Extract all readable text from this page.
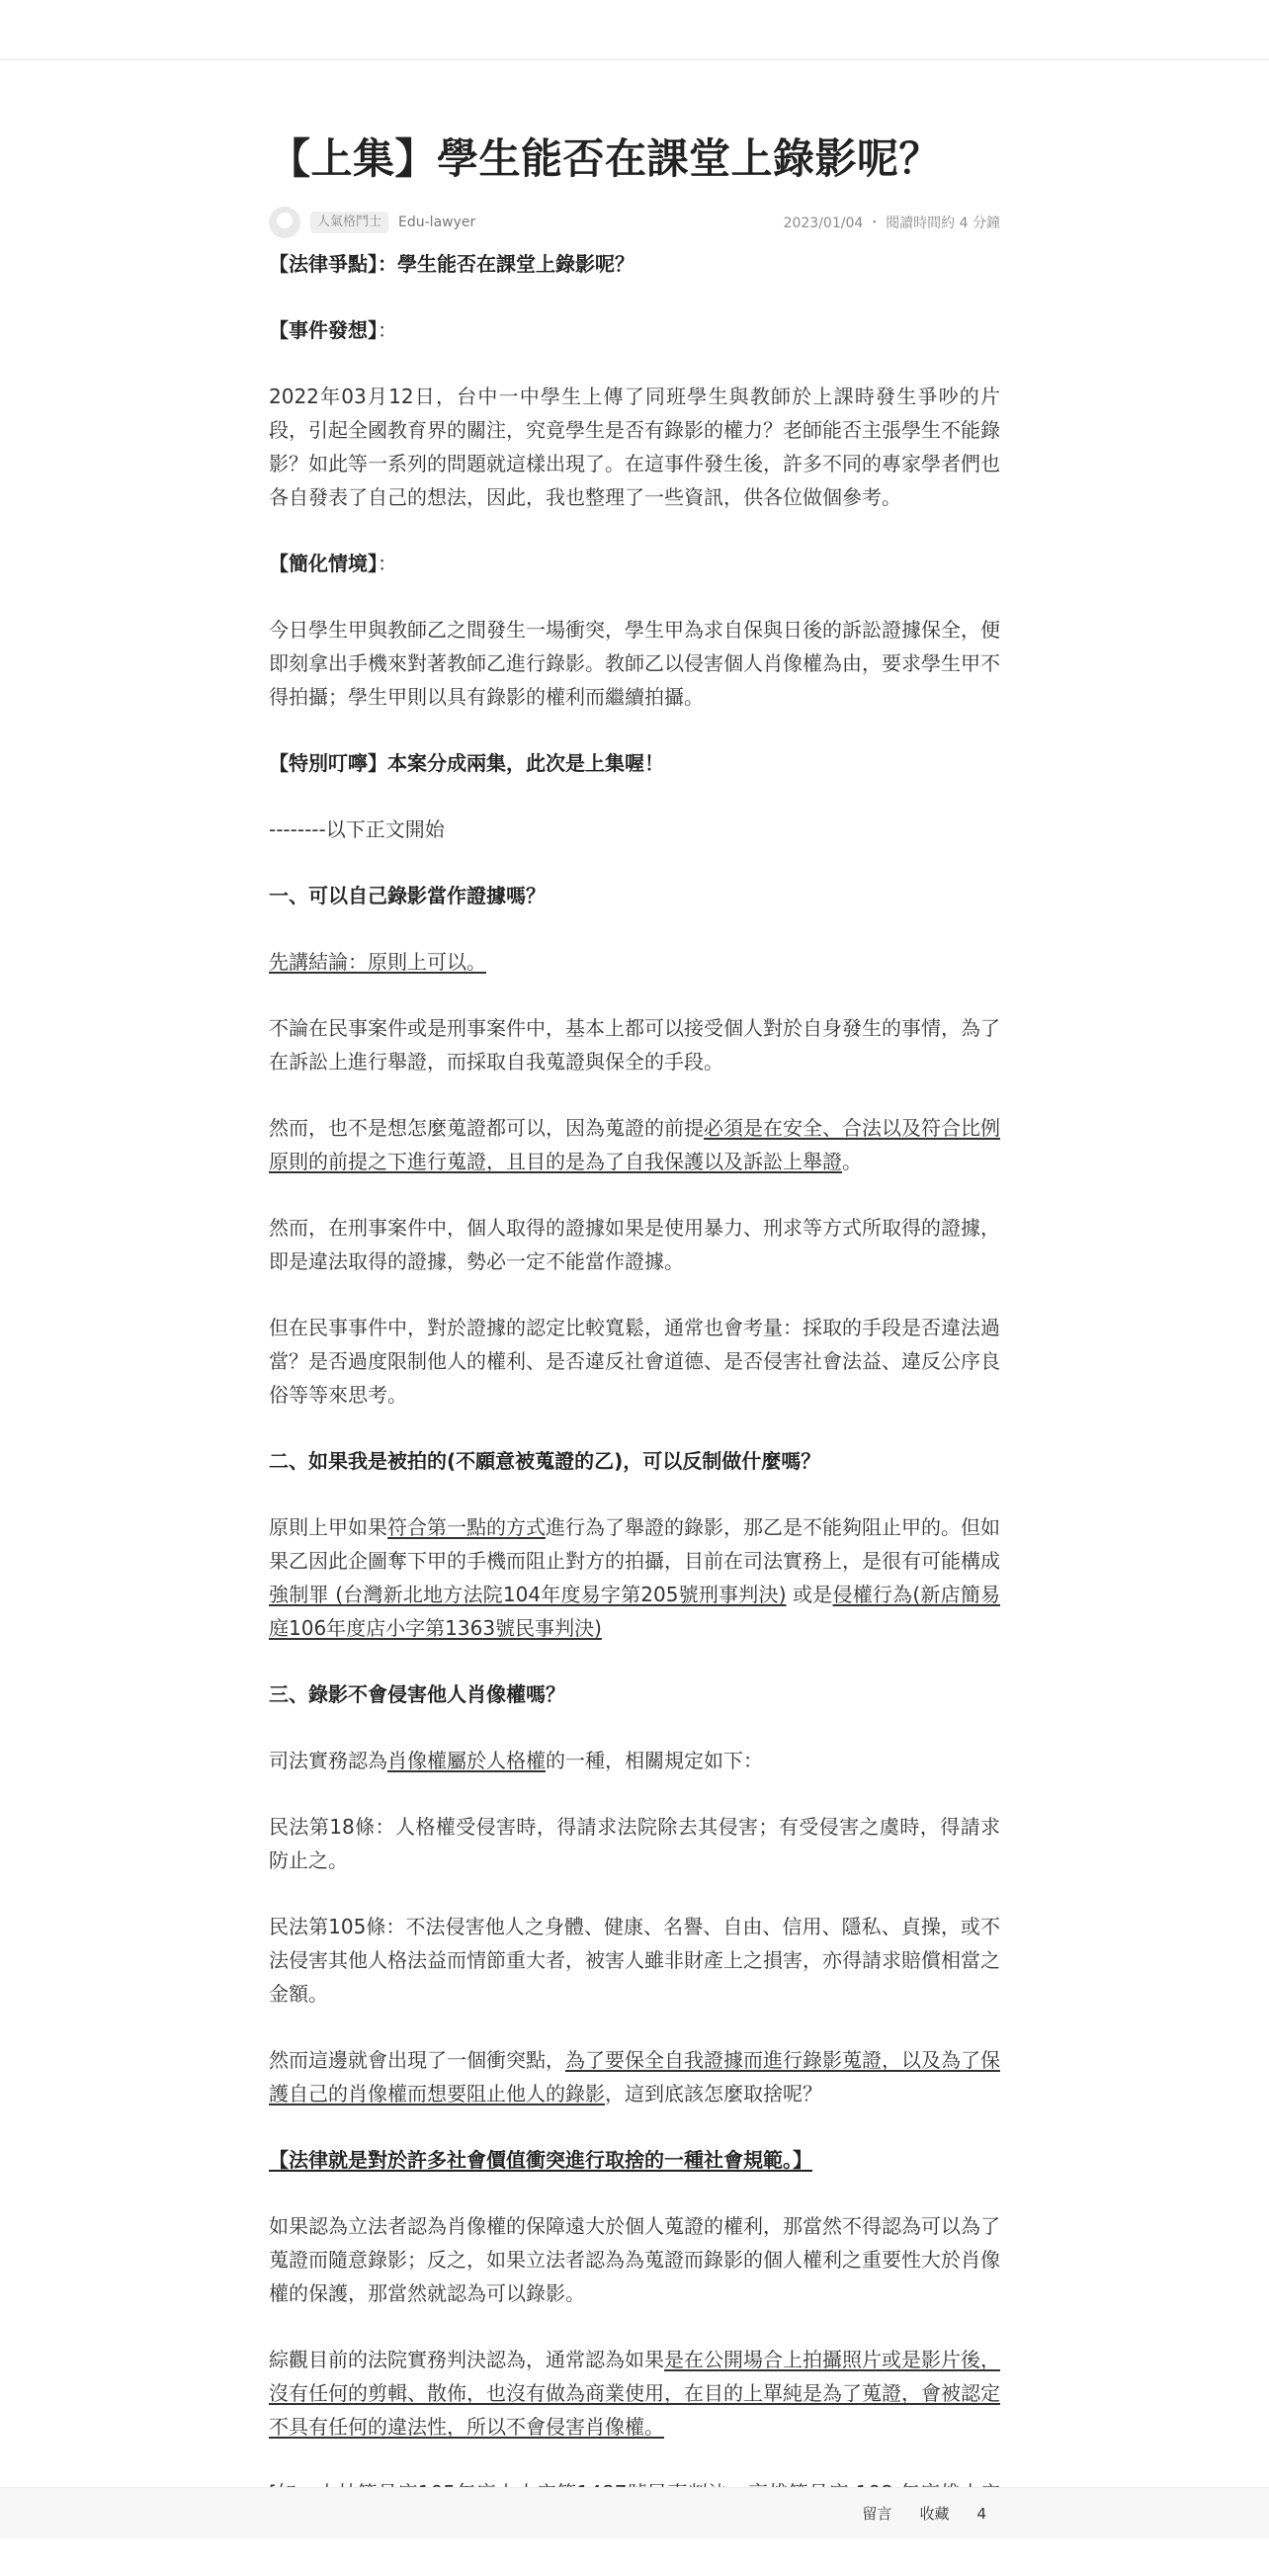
【上集】學生能否在課堂上錄影呢？
人氣格鬥士	Edu-lawyer	2023/01/04 ・ 閱讀時間約 4 分鐘

【法律爭點】：學生能否在課堂上錄影呢？

【事件發想】：

2022年03月12日，台中一中學生上傳了同班學生與教師於上課時發生爭吵的片段，引起全國教育界的關注，究竟學生是否有錄影的權力？老師能否主張學生不能錄影？如此等一系列的問題就這樣出現了。在這事件發生後，許多不同的專家學者們也各自發表了自己的想法，因此，我也整理了一些資訊，供各位做個參考。

【簡化情境】：

今日學生甲與教師乙之間發生一場衝突，學生甲為求自保與日後的訴訟證據保全，便即刻拿出手機來對著教師乙進行錄影。教師乙以侵害個人肖像權為由，要求學生甲不得拍攝；學生甲則以具有錄影的權利而繼續拍攝。

【特別叮嚀】本案分成兩集，此次是上集喔！

--------以下正文開始

一、可以自己錄影當作證據嗎？

先講結論：原則上可以。

不論在民事案件或是刑事案件中，基本上都可以接受個人對於自身發生的事情，為了在訴訟上進行舉證，而採取自我蒐證與保全的手段。

然而，也不是想怎麼蒐證都可以，因為蒐證的前提必須是在安全、合法以及符合比例原則的前提之下進行蒐證，且目的是為了自我保護以及訴訟上舉證。

然而，在刑事案件中，個人取得的證據如果是使用暴力、刑求等方式所取得的證據，即是違法取得的證據，勢必一定不能當作證據。

但在民事事件中，對於證據的認定比較寬鬆，通常也會考量：採取的手段是否違法過當？是否過度限制他人的權利、是否違反社會道德、是否侵害社會法益、違反公序良俗等等來思考。

二、如果我是被拍的(不願意被蒐證的乙)，可以反制做什麼嗎？

原則上甲如果符合第一點的方式進行為了舉證的錄影，那乙是不能夠阻止甲的。但如果乙因此企圖奪下甲的手機而阻止對方的拍攝，目前在司法實務上，是很有可能構成強制罪 (台灣新北地方法院104年度易字第205號刑事判決) 或是侵權行為(新店簡易庭106年度店小字第1363號民事判決)

三、錄影不會侵害他人肖像權嗎？

司法實務認為肖像權屬於人格權的一種，相關規定如下：

民法第18條：人格權受侵害時，得請求法院除去其侵害；有受侵害之虞時，得請求防止之。

民法第105條：不法侵害他人之身體、健康、名譽、自由、信用、隱私、貞操，或不法侵害其他人格法益而情節重大者，被害人雖非財產上之損害，亦得請求賠償相當之金額。

然而這邊就會出現了一個衝突點，為了要保全自我證據而進行錄影蒐證，以及為了保護自己的肖像權而想要阻止他人的錄影，這到底該怎麼取捨呢？

【法律就是對於許多社會價值衝突進行取捨的一種社會規範。】

如果認為立法者認為肖像權的保障遠大於個人蒐證的權利，那當然不得認為可以為了蒐證而隨意錄影；反之，如果立法者認為為蒐證而錄影的個人權利之重要性大於肖像權的保護，那當然就認為可以錄影。

綜觀目前的法院實務判決認為，通常認為如果是在公開場合上拍攝照片或是影片後，沒有任何的剪輯、散佈，也沒有做為商業使用，在目的上單純是為了蒐證，會被認定不具有任何的違法性，所以不會侵害肖像權。

留言 收藏 4
